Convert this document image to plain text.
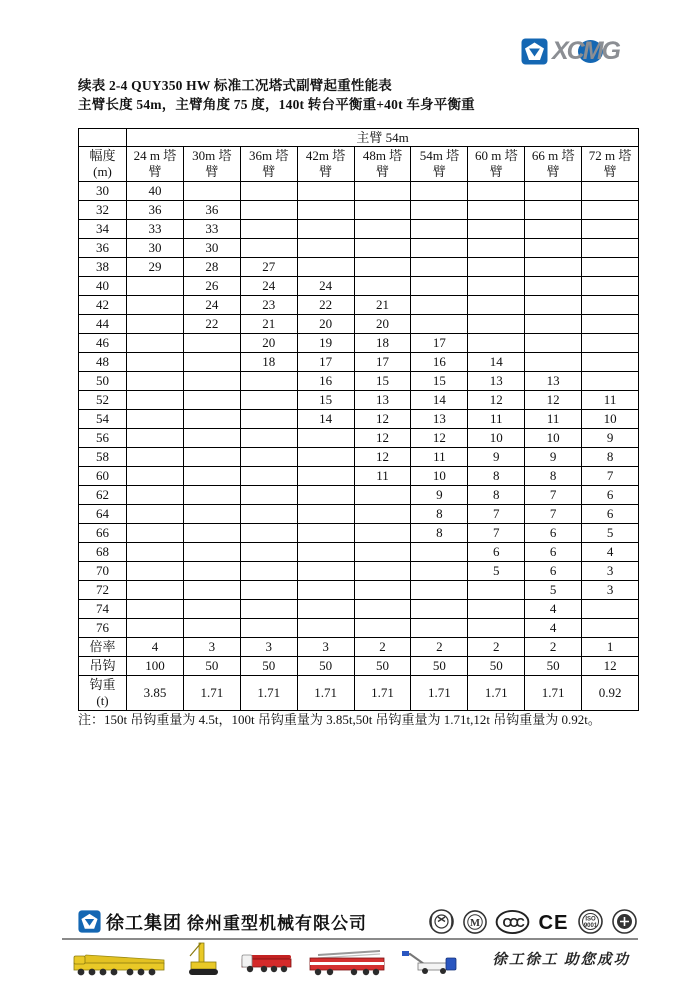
XCMG
续表 2-4 QUY350 HW 标准工况塔式副臂起重性能表
主臂长度 54m，主臂角度 75 度，140t 转台平衡重+40t 车身平衡重
	主臂 54m								

幅度
(m)	24 m 塔臂	30m 塔臂	36m 塔臂	42m 塔臂	48m 塔臂	54m 塔臂	60 m 塔臂	66 m 塔臂	72 m 塔臂
30	40								
32	36	36							
34	33	33							
36	30	30							
38	29	28	27						
40		26	24	24					
42		24	23	22	21				
44		22	21	20	20				
46			20	19	18	17			
48			18	17	17	16	14		
50				16	15	15	13	13	
52				15	13	14	12	12	11
54				14	12	13	11	11	10
56					12	12	10	10	9
58					12	11	9	9	8
60					11	10	8	8	7
62						9	8	7	6
64						8	7	7	6
66						8	7	6	5
68							6	6	4
70							5	6	3
72								5	3
74								4	
76								4	
倍率	4	3	3	3	2	2	2	2	1
吊钩	100	50	50	50	50	50	50	50	12

钩重
(t)	3.85	1.71	1.71	1.71	1.71	1.71	1.71	1.71	0.92
注：150t 吊钩重量为 4.5t，100t 吊钩重量为 3.85t,50t 吊钩重量为 1.71t,12t 吊钩重量为 0.92t。
徐工集团 徐州重型机械有限公司	M CCC CE	ISO
9001
徐工徐工 助您成功
